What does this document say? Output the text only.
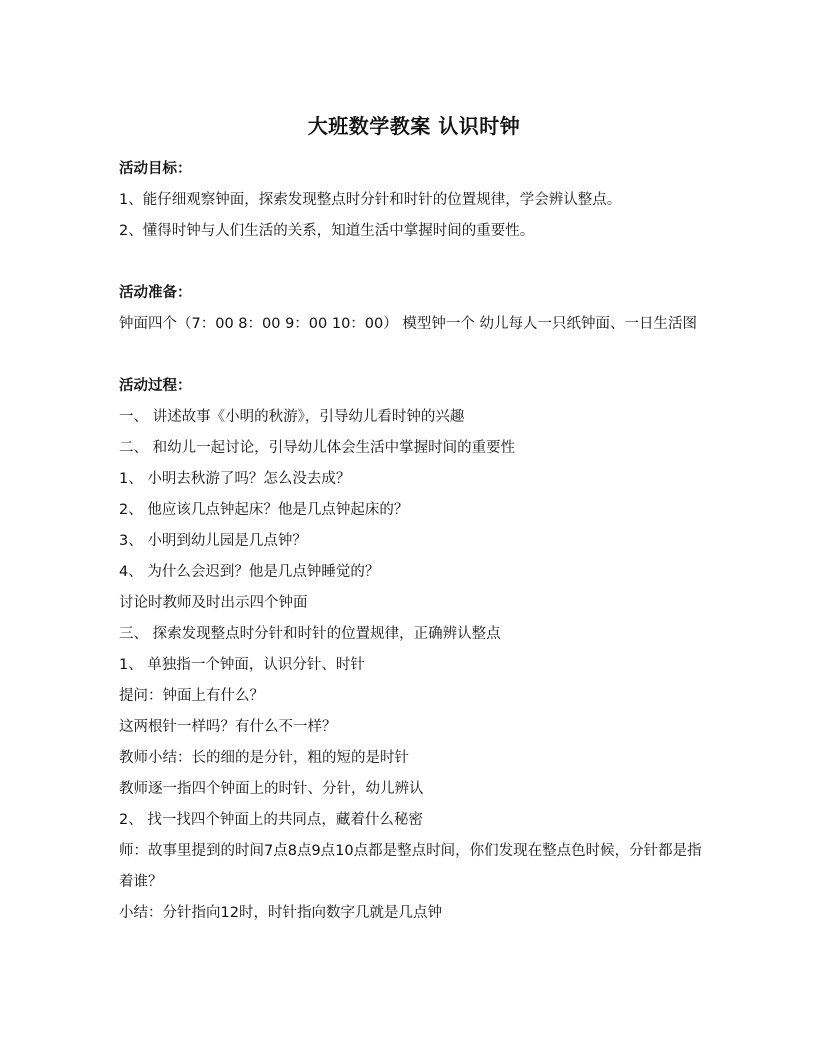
大班数学教案 认识时钟
活动目标：
1、能仔细观察钟面，探索发现整点时分针和时针的位置规律，学会辨认整点。
2、懂得时钟与人们生活的关系，知道生活中掌握时间的重要性。
活动准备：
钟面四个（7：00 8：00 9：00 10：00） 模型钟一个 幼儿每人一只纸钟面、一日生活图
活动过程：
一、 讲述故事《小明的秋游》，引导幼儿看时钟的兴趣
二、 和幼儿一起讨论，引导幼儿体会生活中掌握时间的重要性
1、 小明去秋游了吗？怎么没去成？
2、 他应该几点钟起床？他是几点钟起床的？
3、 小明到幼儿园是几点钟？
4、 为什么会迟到？他是几点钟睡觉的？
讨论时教师及时出示四个钟面
三、 探索发现整点时分针和时针的位置规律，正确辨认整点
1、 单独指一个钟面，认识分针、时针
提问：钟面上有什么？
这两根针一样吗？有什么不一样？
教师小结：长的细的是分针，粗的短的是时针
教师逐一指四个钟面上的时针、分针，幼儿辨认
2、 找一找四个钟面上的共同点，藏着什么秘密
师：故事里提到的时间7点8点9点10点都是整点时间，你们发现在整点色时候，分针都是指着谁？
小结：分针指向12时，时针指向数字几就是几点钟
